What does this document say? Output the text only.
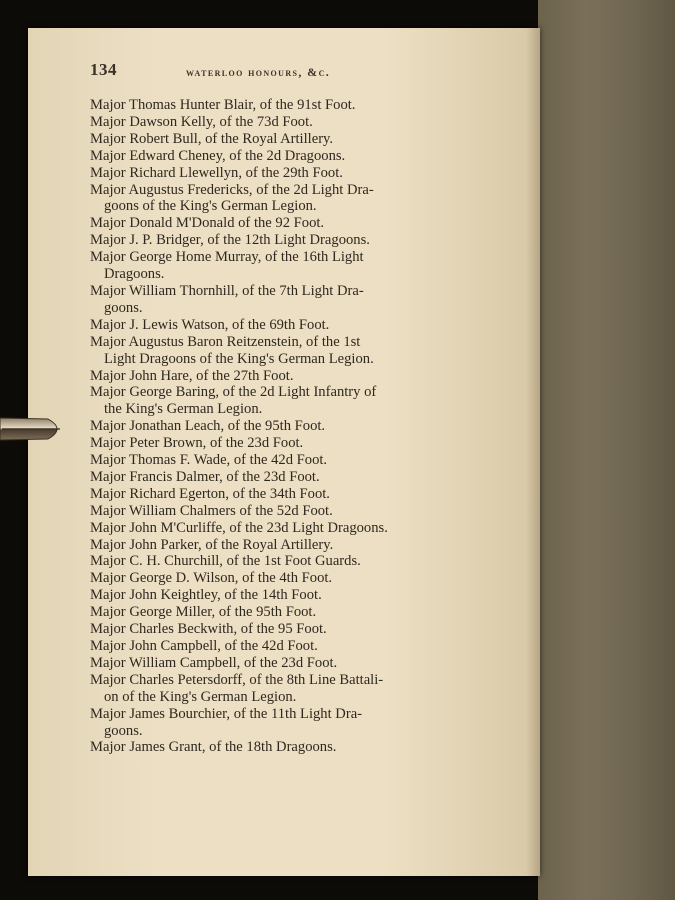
134	waterloo honours, &c.
Major Thomas Hunter Blair, of the 91st Foot.
Major Dawson Kelly, of the 73d Foot.
Major Robert Bull, of the Royal Artillery.
Major Edward Cheney, of the 2d Dragoons.
Major Richard Llewellyn, of the 29th Foot.
Major Augustus Fredericks, of the 2d Light Dra-
goons of the King's German Legion.
Major Donald M'Donald of the 92 Foot.
Major J. P. Bridger, of the 12th Light Dragoons.
Major George Home Murray, of the 16th Light
Dragoons.
Major William Thornhill, of the 7th Light Dra-
goons.
Major J. Lewis Watson, of the 69th Foot.
Major Augustus Baron Reitzenstein, of the 1st
Light Dragoons of the King's German Legion.
Major John Hare, of the 27th Foot.
Major George Baring, of the 2d Light Infantry of
the King's German Legion.
Major Jonathan Leach, of the 95th Foot.
Major Peter Brown, of the 23d Foot.
Major Thomas F. Wade, of the 42d Foot.
Major Francis Dalmer, of the 23d Foot.
Major Richard Egerton, of the 34th Foot.
Major William Chalmers of the 52d Foot.
Major John M'Curliffe, of the 23d Light Dragoons.
Major John Parker, of the Royal Artillery.
Major C. H. Churchill, of the 1st Foot Guards.
Major George D. Wilson, of the 4th Foot.
Major John Keightley, of the 14th Foot.
Major George Miller, of the 95th Foot.
Major Charles Beckwith, of the 95 Foot.
Major John Campbell, of the 42d Foot.
Major William Campbell, of the 23d Foot.
Major Charles Petersdorff, of the 8th Line Battali-
on of the King's German Legion.
Major James Bourchier, of the 11th Light Dra-
goons.
Major James Grant, of the 18th Dragoons.
